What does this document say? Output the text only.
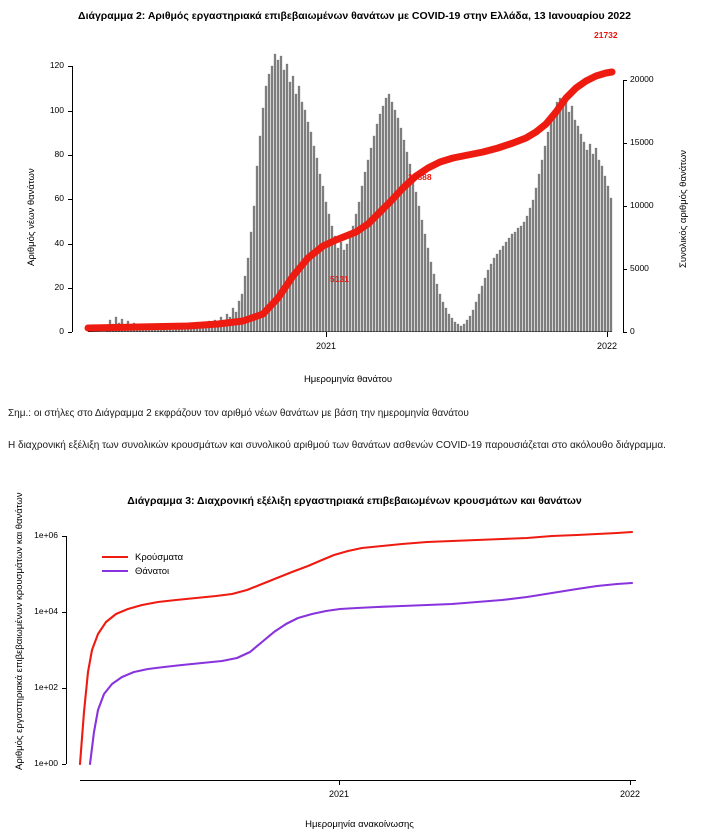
Διάγραμμα 2: Αριθμός εργαστηριακά επιβεβαιωμένων θανάτων με COVID-19 στην Ελλάδα, 13 Ιανουαρίου 2022
0
20
40
60
80
100
120
0
5000
10000
15000
20000
2021	2022
5131
10888
21732
Αριθμός νέων θανάτων	Συνολικός αριθμός θανάτων
Ημερομηνία θανάτου
Σημ.: οι στήλες στο Διάγραμμα 2 εκφράζουν τον αριθμό νέων θανάτων με βάση την ημερομηνία θανάτου
Η διαχρονική εξέλιξη των συνολικών κρουσμάτων και συνολικού αριθμού των θανάτων ασθενών COVID-19 παρουσιάζεται στο ακόλουθο διάγραμμα.
Διάγραμμα 3: Διαχρονική εξέλιξη εργαστηριακά επιβεβαιωμένων κρουσμάτων και θανάτων
1e+00
1e+02
1e+04
1e+06
2021	2022
Αριθμός εργαστηριακά επιβεβαιωμένων κρουσμάτων και θανάτων
Ημερομηνία ανακοίνωσης
Κρούσματα
Θάνατοι
